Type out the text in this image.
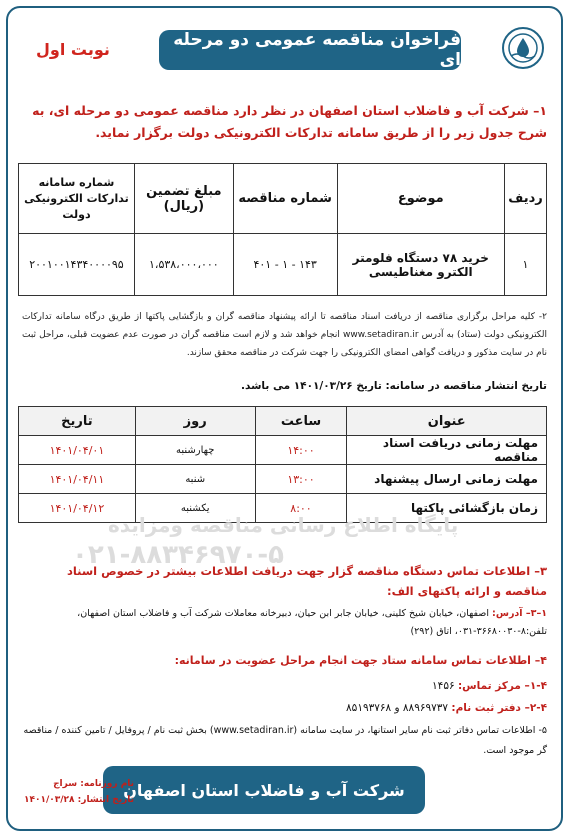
فراخوان مناقصه عمومی دو مرحله ای
نوبت اول
۱– شرکت آب و فاضلاب استان اصفهان در نظر دارد مناقصه عمومی دو مرحله ای، به شرح جدول زیر را از طریق سامانه تدارکات الکترونیکی دولت برگزار نماید.
ردیف	موضوع	شماره مناقصه	مبلغ تضمین (ریال)	شماره سامانه تدارکات الکترونیکی دولت
۱	خرید ۷۸ دستگاه فلومتر الکترو مغناطیسی	۱۴۳ - ۱ - ۴۰۱	۱،۵۳۸،۰۰۰،۰۰۰	۲۰۰۱۰۰۱۴۳۴۰۰۰۰۹۵
۲- کلیه مراحل برگزاری مناقصه از دریافت اسناد مناقصه تا ارائه پیشنهاد مناقصه گران و بازگشایی پاکتها از طریق درگاه سامانه تدارکات الکترونیکی دولت (ستاد) به آدرس www.setadiran.ir انجام خواهد شد و لازم است مناقصه گران در صورت عدم عضویت قبلی، مراحل ثبت نام در سایت مذکور و دریافت گواهی امضای الکترونیکی را جهت شرکت در مناقصه محقق سازند.
تاریخ انتشار مناقصه در سامانه: تاریخ ۱۴۰۱/۰۳/۲۶ می باشد.
عنوان	ساعت	روز	تاریخ
مهلت زمانی دریافت اسناد مناقصه	۱۴:۰۰	چهارشنبه	۱۴۰۱/۰۴/۰۱
مهلت زمانی ارسال پیشنهاد	۱۳:۰۰	شنبه	۱۴۰۱/۰۴/۱۱
زمان بازگشائی پاکتها	۸:۰۰	یکشنبه	۱۴۰۱/۰۴/۱۲
پایگاه اطلاع رسانی مناقصه ومزایده
۰۲۱-۸۸۳۴۶۹۷۰-۵
۳– اطلاعات تماس دستگاه مناقصه گزار جهت دریافت اطلاعات بیشتر در خصوص اسناد مناقصه و ارائه پاکتهای الف:
۱–۳– آدرس: اصفهان، خیابان شیخ کلینی، خیابان جابر ابن حیان، دبیرخانه معاملات شرکت آب و فاضلاب استان اصفهان، تلفن:۸-۳۶۶۸۰۰۳۰-۰۳۱، اتاق (۲۹۲)
۴– اطلاعات تماس سامانه ستاد جهت انجام مراحل عضویت در سامانه:
۱-۴– مرکز تماس: ۱۴۵۶
۲-۴– دفتر ثبت نام: ۸۸۹۶۹۷۳۷ و ۸۵۱۹۳۷۶۸
۵- اطلاعات تماس دفاتر ثبت نام سایر استانها، در سایت سامانه (www.setadiran.ir) بخش ثبت نام / پروفایل / تامین کننده / مناقصه گر موجود است.
شرکت آب و فاضلاب استان اصفهان
نام روزنامه: سراج
تاریخ انتشار: ۱۴۰۱/۰۳/۲۸
